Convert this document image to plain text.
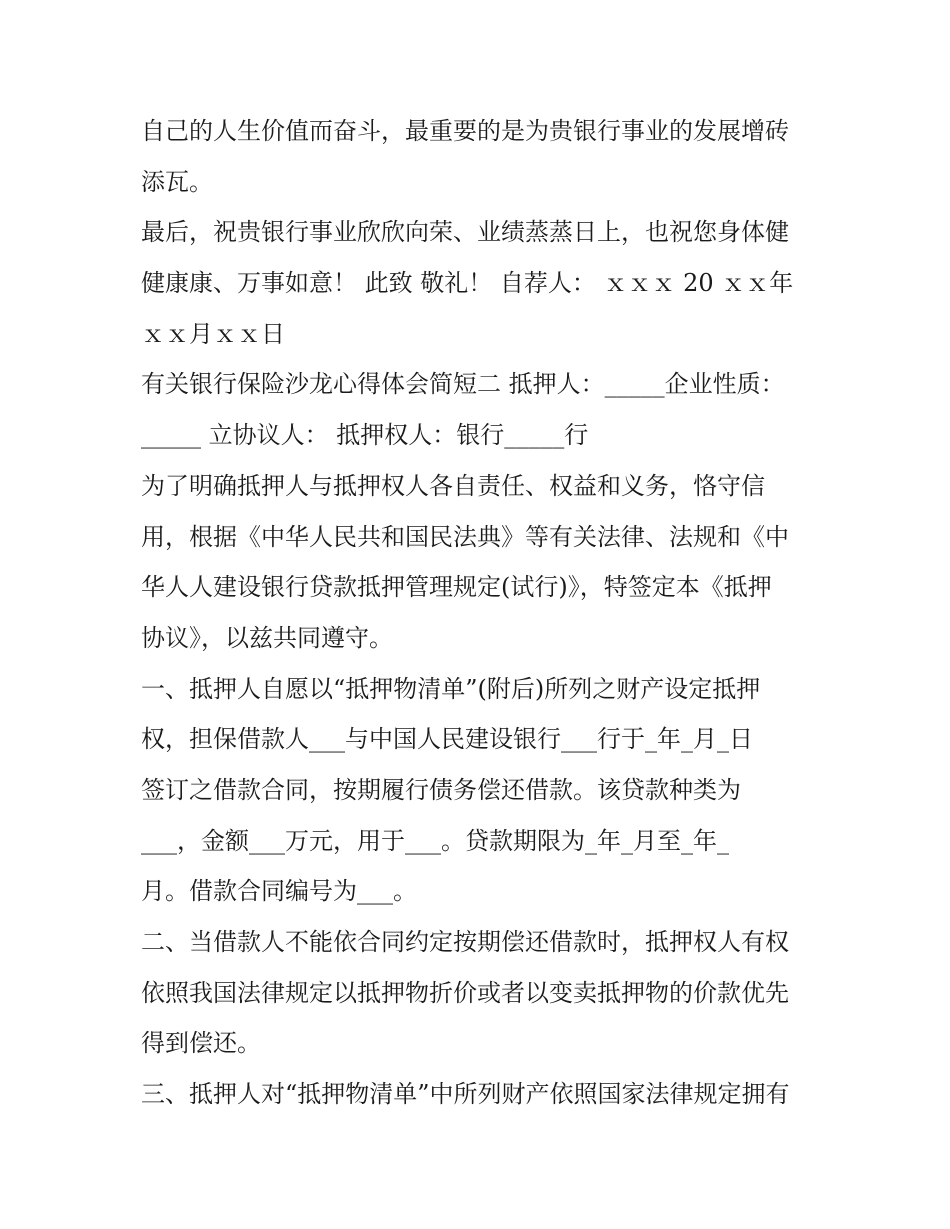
自己的人生价值而奋斗，最重要的是为贵银行事业的发展增砖
添瓦。
最后，祝贵银行事业欣欣向荣、业绩蒸蒸日上，也祝您身体健
健康康、万事如意！ 此致 敬礼！ 自荐人： ｘｘｘ 20 ｘｘ年
ｘｘ月ｘｘ日
有关银行保险沙龙心得体会简短二 抵押人：_____企业性质：
_____ 立协议人： 抵押权人：银行_____行
为了明确抵押人与抵押权人各自责任、权益和义务，恪守信
用，根据《中华人民共和国民法典》等有关法律、法规和《中
华人人建设银行贷款抵押管理规定(试行)》，特签定本《抵押
协议》，以兹共同遵守。
一、抵押人自愿以“抵押物清单”(附后)所列之财产设定抵押
权，担保借款人___与中国人民建设银行___行于_年_月_日
签订之借款合同，按期履行债务偿还借款。该贷款种类为
___，金额___万元，用于___。贷款期限为_年_月至_年_
月。借款合同编号为___。
二、当借款人不能依合同约定按期偿还借款时，抵押权人有权
依照我国法律规定以抵押物折价或者以变卖抵押物的价款优先
得到偿还。
三、抵押人对“抵押物清单”中所列财产依照国家法律规定拥有
